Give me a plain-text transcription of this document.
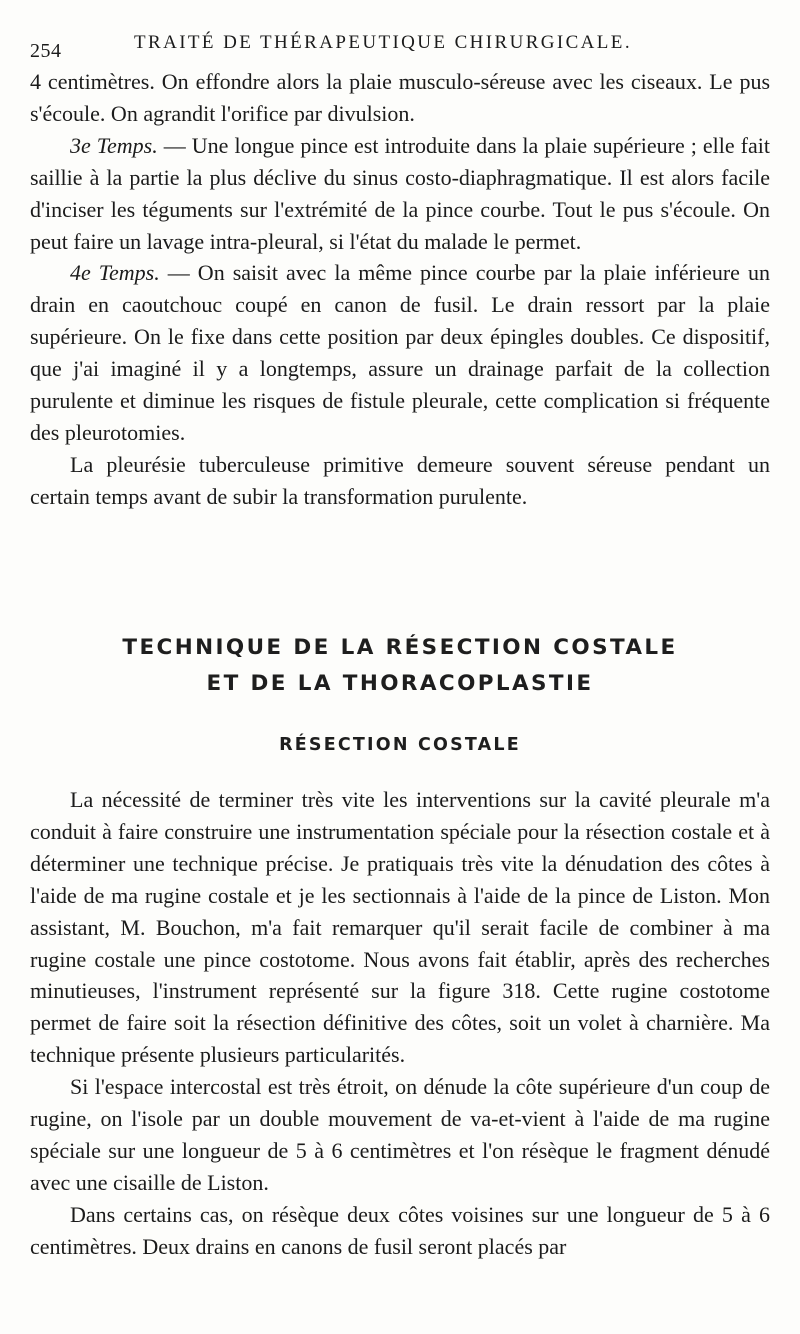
254	TRAITÉ DE THÉRAPEUTIQUE CHIRURGICALE.

4 centimètres. On effondre alors la plaie musculo-séreuse avec les ciseaux. Le pus s'écoule. On agrandit l'orifice par divulsion.

3e Temps. — Une longue pince est introduite dans la plaie supérieure ; elle fait saillie à la partie la plus déclive du sinus costo-diaphragmatique. Il est alors facile d'inciser les téguments sur l'extrémité de la pince courbe. Tout le pus s'écoule. On peut faire un lavage intra-pleural, si l'état du malade le permet.

4e Temps. — On saisit avec la même pince courbe par la plaie inférieure un drain en caoutchouc coupé en canon de fusil. Le drain ressort par la plaie supérieure. On le fixe dans cette position par deux épingles doubles. Ce dispositif, que j'ai imaginé il y a longtemps, assure un drainage parfait de la collection purulente et diminue les risques de fistule pleurale, cette complication si fréquente des pleurotomies.

La pleurésie tuberculeuse primitive demeure souvent séreuse pendant un certain temps avant de subir la transformation purulente.

TECHNIQUE DE LA RÉSECTION COSTALE
ET DE LA THORACOPLASTIE
RÉSECTION COSTALE

La nécessité de terminer très vite les interventions sur la cavité pleurale m'a conduit à faire construire une instrumentation spéciale pour la résection costale et à déterminer une technique précise. Je pratiquais très vite la dénudation des côtes à l'aide de ma rugine costale et je les sectionnais à l'aide de la pince de Liston. Mon assistant, M. Bouchon, m'a fait remarquer qu'il serait facile de combiner à ma rugine costale une pince costotome. Nous avons fait établir, après des recherches minutieuses, l'instrument représenté sur la figure 318. Cette rugine costotome permet de faire soit la résection définitive des côtes, soit un volet à charnière. Ma technique présente plusieurs particularités.

Si l'espace intercostal est très étroit, on dénude la côte supérieure d'un coup de rugine, on l'isole par un double mouvement de va-et-vient à l'aide de ma rugine spéciale sur une longueur de 5 à 6 centimètres et l'on résèque le fragment dénudé avec une cisaille de Liston.

Dans certains cas, on résèque deux côtes voisines sur une longueur de 5 à 6 centimètres. Deux drains en canons de fusil seront placés par
